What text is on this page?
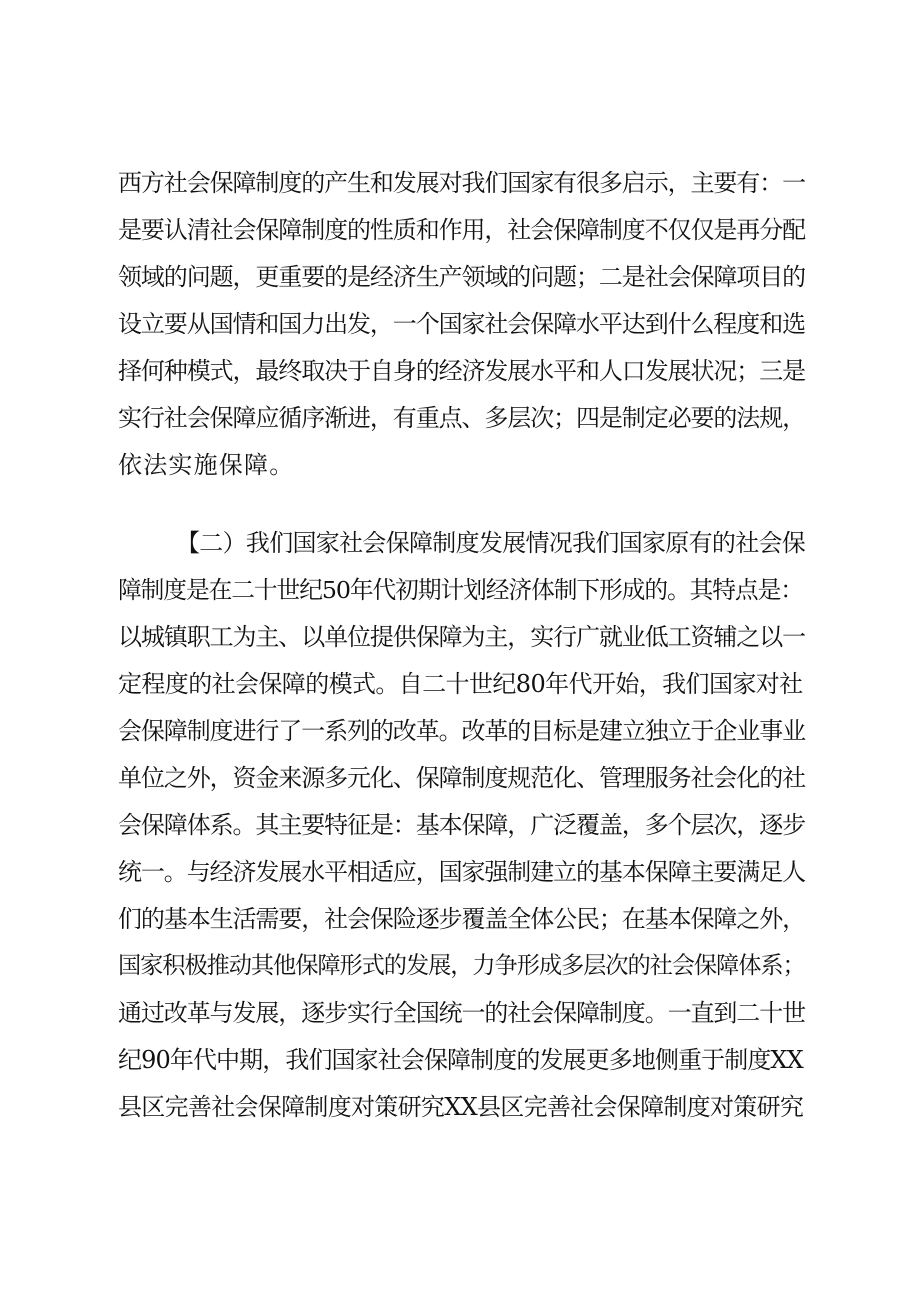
西方社会保障制度的产生和发展对我们国家有很多启示，主要有：一
是要认清社会保障制度的性质和作用，社会保障制度不仅仅是再分配
领域的问题，更重要的是经济生产领域的问题；二是社会保障项目的
设立要从国情和国力出发，一个国家社会保障水平达到什么程度和选
择何种模式，最终取决于自身的经济发展水平和人口发展状况；三是
实行社会保障应循序渐进，有重点、多层次；四是制定必要的法规，
依法实施保障。
【二）我们国家社会保障制度发展情况我们国家原有的社会保
障制度是在二十世纪50年代初期计划经济体制下形成的。其特点是：
以城镇职工为主、以单位提供保障为主，实行广就业低工资辅之以一
定程度的社会保障的模式。自二十世纪80年代开始，我们国家对社
会保障制度进行了一系列的改革。改革的目标是建立独立于企业事业
单位之外，资金来源多元化、保障制度规范化、管理服务社会化的社
会保障体系。其主要特征是：基本保障，广泛覆盖，多个层次，逐步
统一。与经济发展水平相适应，国家强制建立的基本保障主要满足人
们的基本生活需要，社会保险逐步覆盖全体公民；在基本保障之外，
国家积极推动其他保障形式的发展，力争形成多层次的社会保障体系；
通过改革与发展，逐步实行全国统一的社会保障制度。一直到二十世
纪90年代中期，我们国家社会保障制度的发展更多地侧重于制度XX
县区完善社会保障制度对策研究XX县区完善社会保障制度对策研究
